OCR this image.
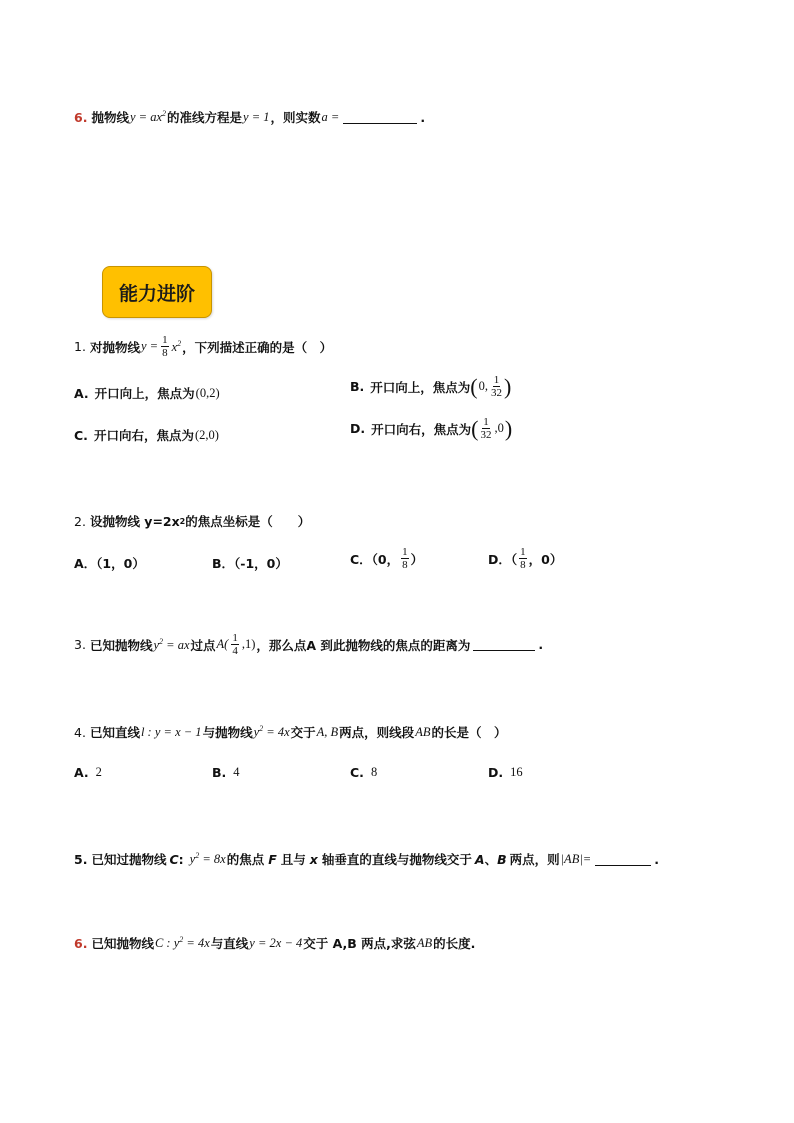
6. 抛物线 $y = ax^2$ 的准线方程是 y = 1 ，则实数 a =	.
能力进阶
1. 对抛物线 $y = \frac{1}{8} x^2$ ，下列描述正确的是（　）
A. 开口向上，焦点为 (0,2)	B. 开口向上，焦点为 ( 0, $\frac{1}{32}$ )
C. 开口向右，焦点为 (2,0)	D. 开口向右，焦点为 ( $\frac{1}{32} ,0$ )
2. 设抛物线 y=2x 2 的焦点坐标是（　　）
A．（1，0）	B．（-1，0）	C．（0， $\frac{1}{8}$ ）	D．（ $\frac{1}{8}$ ，0）
3. 已知抛物线 $y^2$ = ax 过点 $A( \frac{1}{4} ,1)$ ，那么点A 到此抛物线的焦点的距离为	.
4. 已知直线 l : y = x − 1 与抛物线 $y^2 = 4x$ 交于 A, B 两点，则线段 AB 的长是（　）
A. 2	B. 4	C. 8	D. 16
5. 已知过抛物线 C : $y^2 = 8x$ 的焦点 F 且与 x 轴垂直的直线与抛物线交于 A 、 B 两点，则 |AB|=	.
6. 已知抛物线 C : $y^2 = 4x$ 与直线 y = 2x − 4 交于 A,B 两点,求弦 AB 的长度.
